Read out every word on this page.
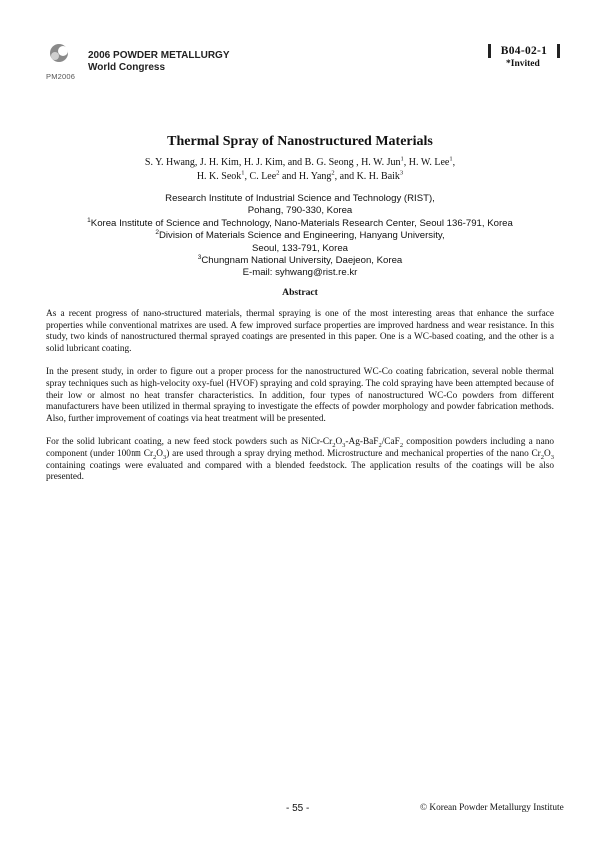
PM2006
2006 POWDER METALLURGY
World Congress
B04-02-1
*Invited
Thermal Spray of Nanostructured Materials
S. Y. Hwang, J. H. Kim, H. J. Kim, and B. G. Seong , H. W. Jun$^1$, H. W. Lee$^1$,
H. K. Seok$^1$, C. Lee$^2$ and H. Yang$^2$, and K. H. Baik$^3$
Research Institute of Industrial Science and Technology (RIST),
Pohang, 790-330, Korea
$^1$Korea Institute of Science and Technology, Nano-Materials Research Center, Seoul 136-791, Korea
$^2$Division of Materials Science and Engineering, Hanyang University,
Seoul, 133-791, Korea
$^3$Chungnam National University, Daejeon, Korea
E-mail: syhwang@rist.re.kr
Abstract

As a recent progress of nano-structured materials, thermal spraying is one of the most interesting areas that enhance the surface properties while conventional matrixes are used. A few improved surface properties are improved hardness and wear resistance. In this study, two kinds of nanostructured thermal sprayed coatings are presented in this paper. One is a WC-based coating, and the other is a solid lubricant coating.

In the present study, in order to figure out a proper process for the nanostructured WC-Co coating fabrication, several noble thermal spray techniques such as high-velocity oxy-fuel (HVOF) spraying and cold spraying. The cold spraying have been attempted because of their low or almost no heat transfer characteristics. In addition, four types of nanostructured WC-Co powders from different manufacturers have been utilized in thermal spraying to investigate the effects of powder morphology and powder fabrication methods. Also, further improvement of coatings via heat treatment will be presented.

For the solid lubricant coating, a new feed stock powders such as NiCr-$Cr_2O_3-Ag-BaF_2/CaF_2$ composition powders including a nano component (under 100㎚ $Cr_2O_3$) are used through a spray drying method. Microstructure and mechanical properties of the nano $Cr_2O_3$ containing coatings were evaluated and compared with a blended feedstock. The application results of the coatings will be also presented.

- 55 -	© Korean Powder Metallurgy Institute
